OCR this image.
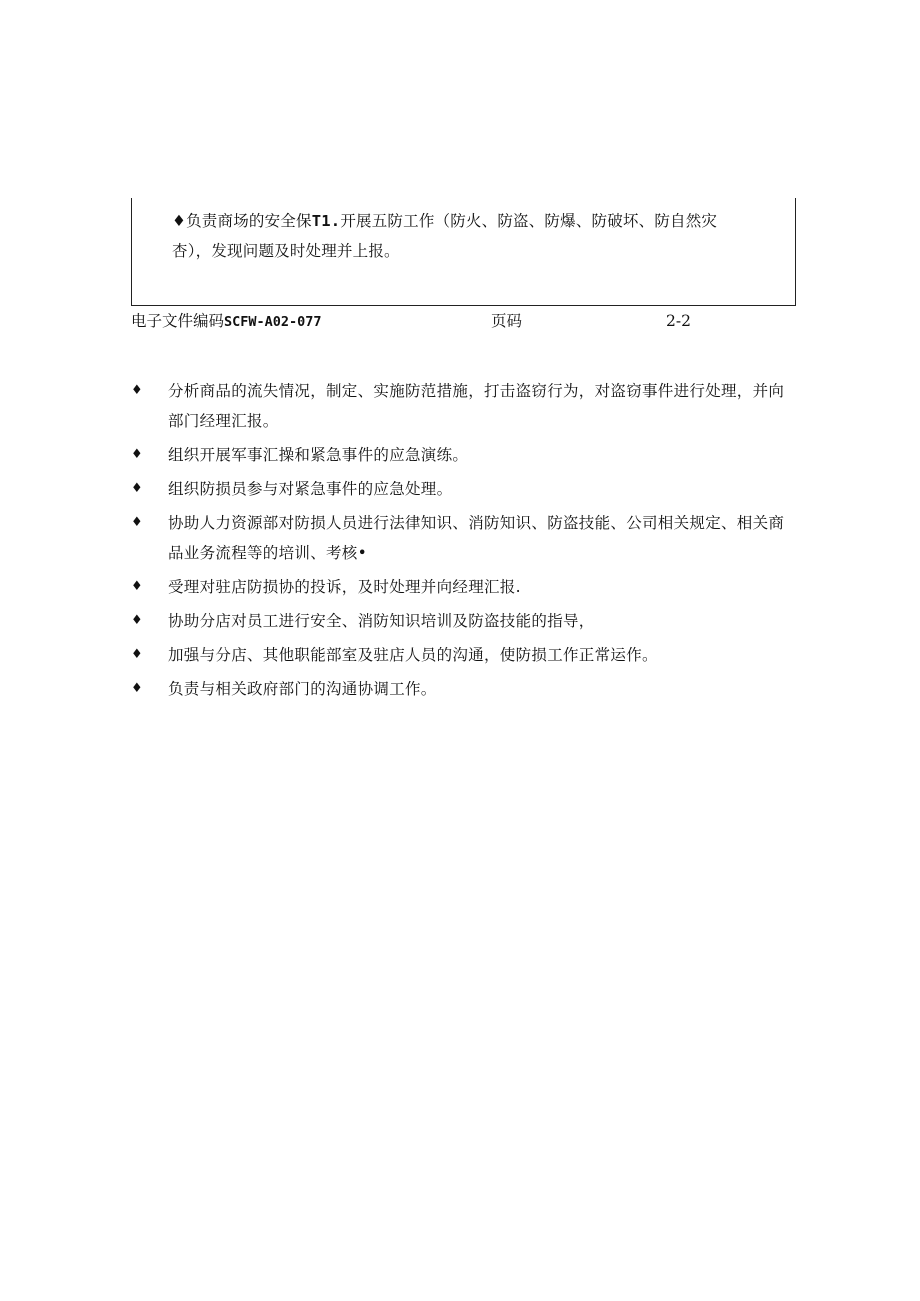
♦负责商场的安全保T1.开展五防工作（防火、防盗、防爆、防破坏、防自然灾
杏），发现问题及时处理并上报。
电子文件编码SCFW-A02-077	页码	2-2
♦ 分析商品的流失情况，制定、实施防范措施，打击盗窃行为，对盗窃事件进行处理，并向部门经理汇报。
♦ 组织开展军事汇操和紧急事件的应急演练。
♦ 组织防损员参与对紧急事件的应急处理。
♦ 协助人力资源部对防损人员进行法律知识、消防知识、防盗技能、公司相关规定、相关商品业务流程等的培训、考核•
♦ 受理对驻店防损协的投诉，及时处理并向经理汇报.
♦ 协助分店对员工进行安全、消防知识培训及防盗技能的指导，
♦ 加强与分店、其他职能部室及驻店人员的沟通，使防损工作正常运作。
♦ 负责与相关政府部门的沟通协调工作。
